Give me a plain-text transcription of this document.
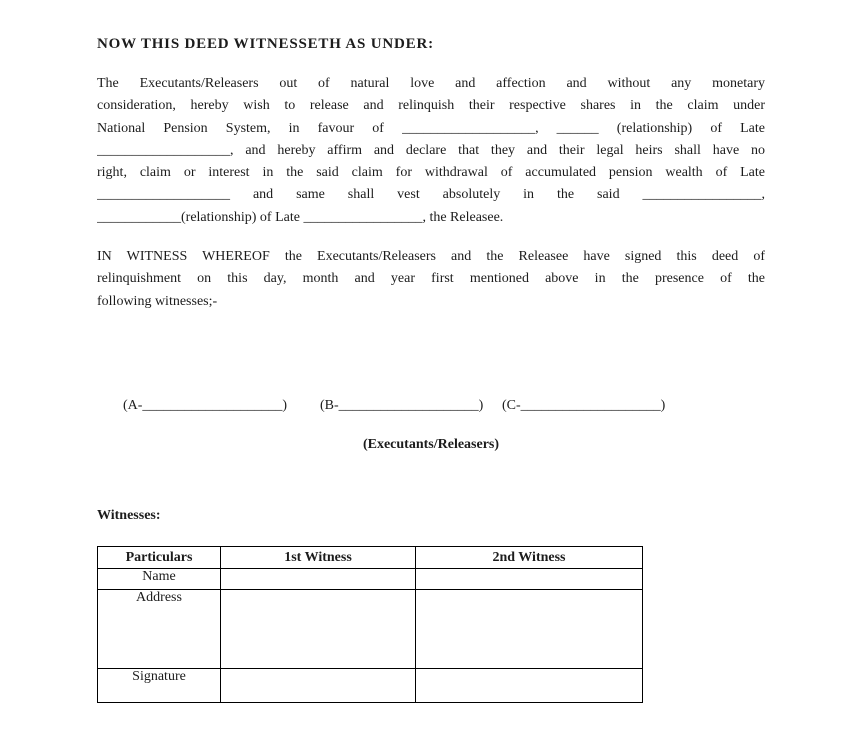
NOW THIS DEED WITNESSETH AS UNDER:
The Executants/Releasers out of natural love and affection and without any monetary
consideration, hereby wish to release and relinquish their respective shares in the claim under
National Pension System, in favour of ___________________, ______ (relationship) of Late
___________________, and hereby affirm and declare that they and their legal heirs shall have no
right, claim or interest in the said claim for withdrawal of accumulated pension wealth of Late
___________________ and same shall vest absolutely in the said _________________,
____________(relationship) of Late _________________, the Releasee.
IN WITNESS WHEREOF the Executants/Releasers and the Releasee have signed this deed of
relinquishment on this day, month and year first mentioned above in the presence of the
following witnesses;-
(A-____________________) (B-____________________) (C-____________________)
(Executants/Releasers)
Witnesses:
Particulars	1st Witness	2nd Witness
Name		
Address		
Signature		
